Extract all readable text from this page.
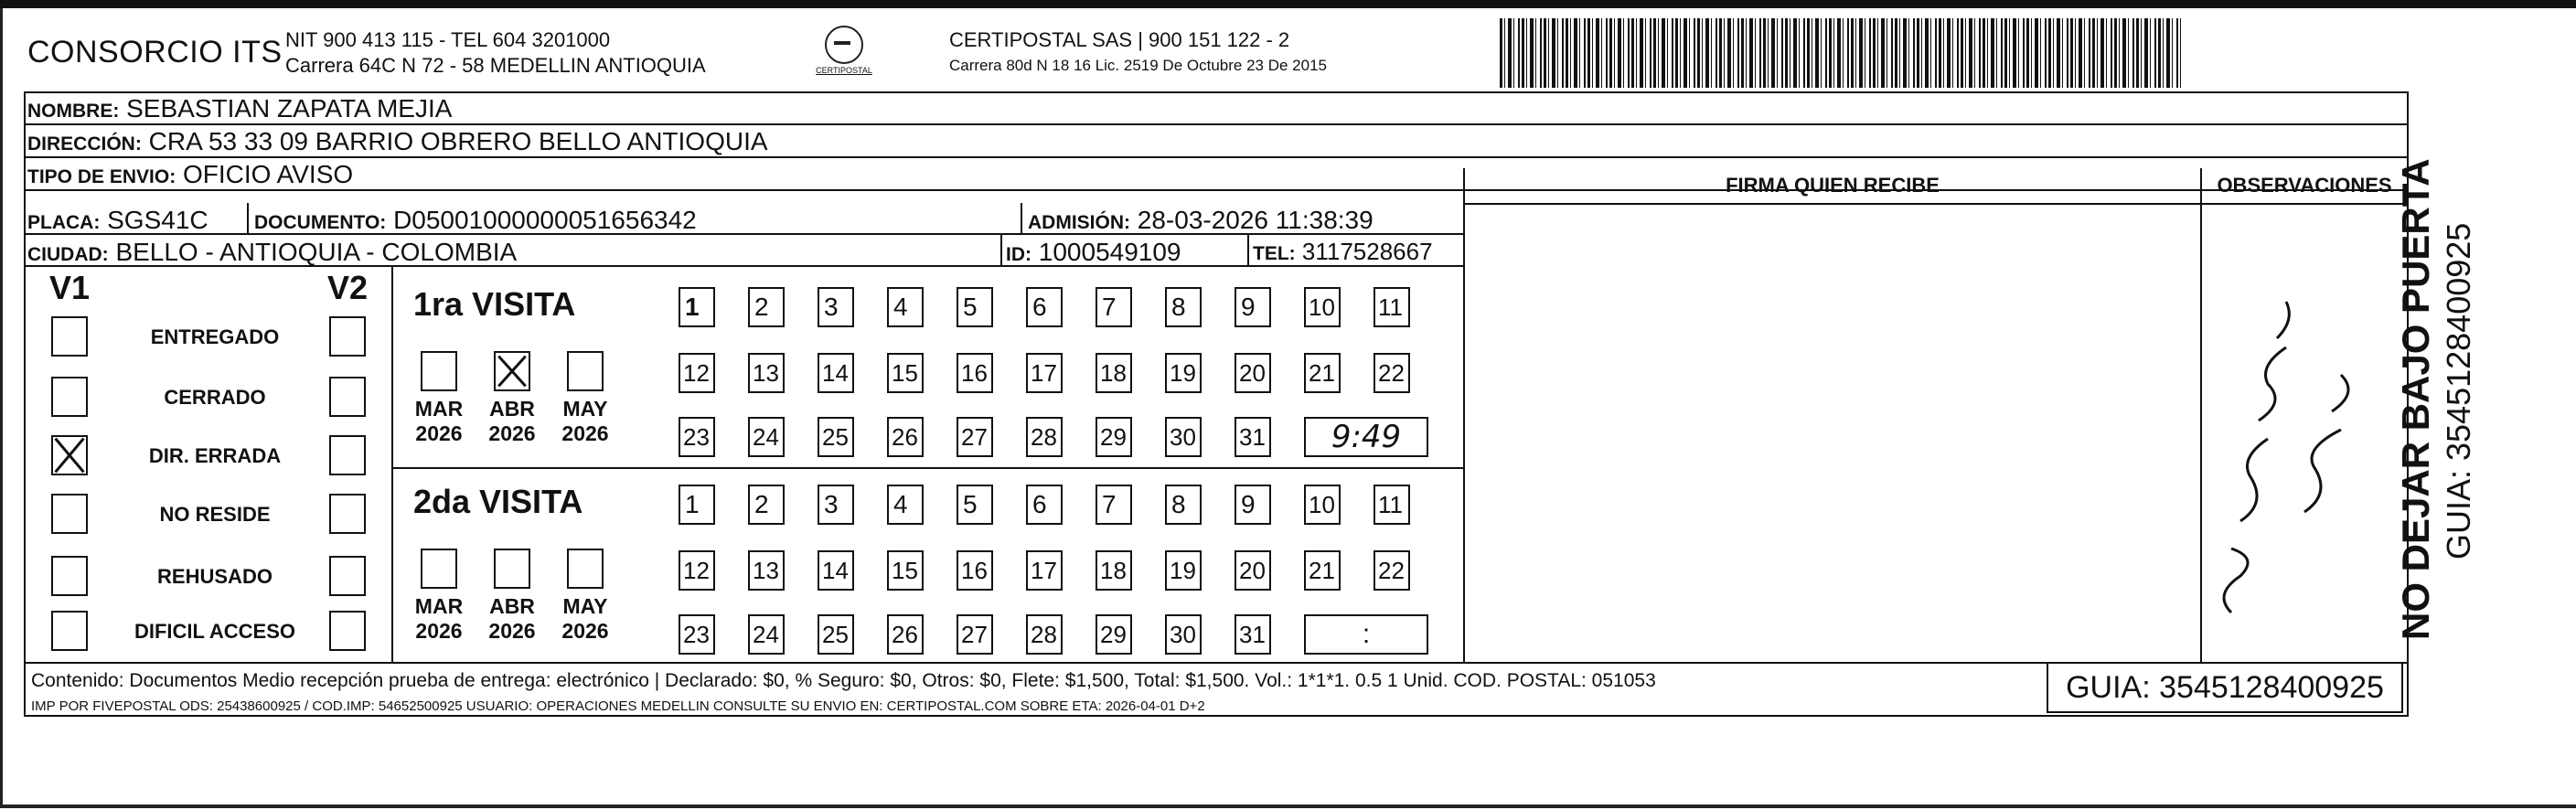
CONSORCIO ITS NIT 900 413 115 - TEL 604 3201000
Carrera 64C N 72 - 58 MEDELLIN ANTIOQUIA	CERTIPOSTAL
CERTIPOSTAL SAS | 900 151 122 - 2
Carrera 80d N 18 16 Lic. 2519 De Octubre 23 De 2015
NOMBRE: SEBASTIAN ZAPATA MEJIA
DIRECCIÓN: CRA 53 33 09 BARRIO OBRERO BELLO ANTIOQUIA
TIPO DE ENVIO: OFICIO AVISO	FIRMA QUIEN RECIBE	OBSERVACIONES
PLACA: SGS41C DOCUMENTO: D05001000000051656342	ADMISIÓN: 28-03-2026 11:38:39
CIUDAD: BELLO - ANTIOQUIA - COLOMBIA	ID: 1000549109	TEL: 3117528667
V1	V2
ENTREGADO
CERRADO
DIR. ERRADA
NO RESIDE
REHUSADO
DIFICIL ACCESO
1ra VISITA
MAR
2026
ABR
2026
MAY
2026
1	2	3	4	5	6	7	8	9	10 11
12 13 14 15 16 17 18 19 20 21 22
23 24 25 26 27 28 29 30 31	9:49
2da VISITA
MAR
2026
ABR
2026
MAY
2026
1	2	3	4	5	6	7	8	9	10 11
12 13 14 15 16 17 18 19 20 21 22
23 24 25 26 27 28 29 30 31	:
Contenido: Documentos Medio recepción prueba de entrega: electrónico | Declarado: $0, % Seguro: $0, Otros: $0, Flete: $1,500, Total: $1,500. Vol.: 1*1*1. 0.5 1 Unid. COD. POSTAL: 051053
IMP POR FIVEPOSTAL ODS: 25438600925 / COD.IMP: 54652500925 USUARIO: OPERACIONES MEDELLIN CONSULTE SU ENVIO EN: CERTIPOSTAL.COM SOBRE ETA: 2026-04-01 D+2
GUIA: 3545128400925
NO DEJAR BAJO PUERTA GUIA: 3545128400925
